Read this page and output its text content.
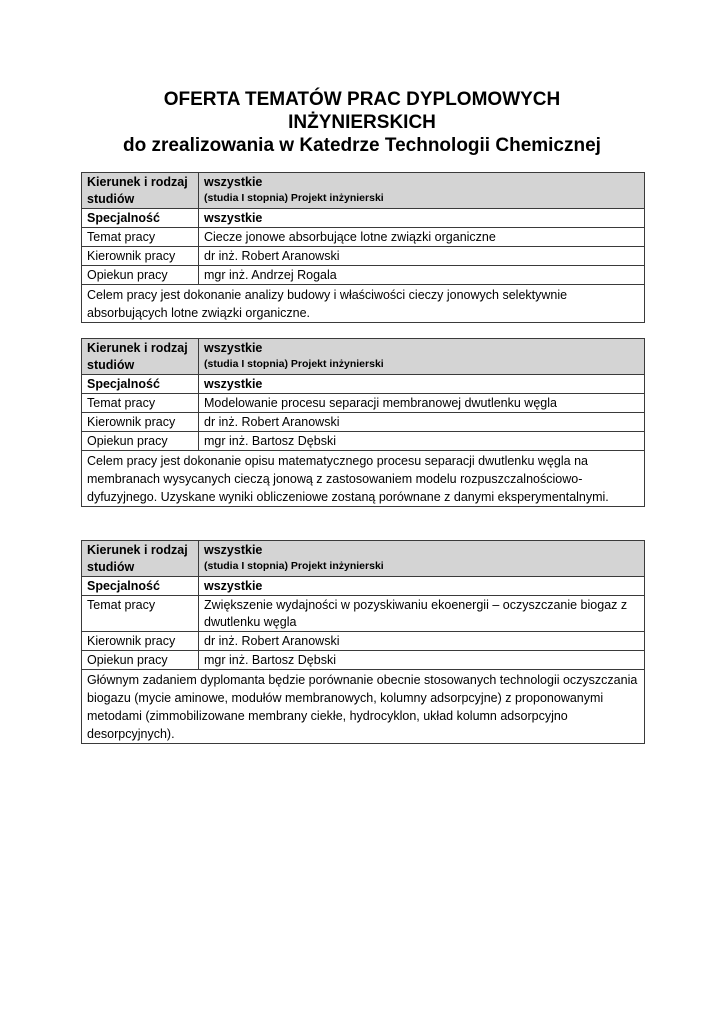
OFERTA TEMATÓW PRAC DYPLOMOWYCH
INŻYNIERSKICH
do zrealizowania w Katedrze Technologii Chemicznej
Kierunek i rodzaj studiów	wszystkie
(studia I stopnia) Projekt inżynierski

Specjalność	wszystkie
Temat pracy	Ciecze jonowe absorbujące lotne związki organiczne
Kierownik pracy	dr inż. Robert Aranowski
Opiekun pracy	mgr inż. Andrzej Rogala
Celem pracy jest dokonanie analizy budowy i właściwości cieczy jonowych selektywnie absorbujących lotne związki organiczne.	
Kierunek i rodzaj studiów	wszystkie
(studia I stopnia) Projekt inżynierski

Specjalność	wszystkie
Temat pracy	Modelowanie procesu separacji membranowej dwutlenku węgla
Kierownik pracy	dr inż. Robert Aranowski
Opiekun pracy	mgr inż. Bartosz Dębski
Celem pracy jest dokonanie opisu matematycznego procesu separacji dwutlenku węgla na membranach wysycanych cieczą jonową z zastosowaniem modelu rozpuszczalnościowo-dyfuzyjnego. Uzyskane wyniki obliczeniowe zostaną porównane z danymi eksperymentalnymi.	
Kierunek i rodzaj studiów	wszystkie
(studia I stopnia) Projekt inżynierski

Specjalność	wszystkie
Temat pracy	Zwiększenie wydajności w pozyskiwaniu ekoenergii – oczyszczanie biogaz z dwutlenku węgla
Kierownik pracy	dr inż. Robert Aranowski
Opiekun pracy	mgr inż. Bartosz Dębski
Głównym zadaniem dyplomanta będzie porównanie obecnie stosowanych technologii oczyszczania biogazu (mycie aminowe, modułów membranowych, kolumny adsorpcyjne) z proponowanymi metodami (zimmobilizowane membrany ciekłe, hydrocyklon, układ kolumn adsorpcyjno desorpcyjnych).	
